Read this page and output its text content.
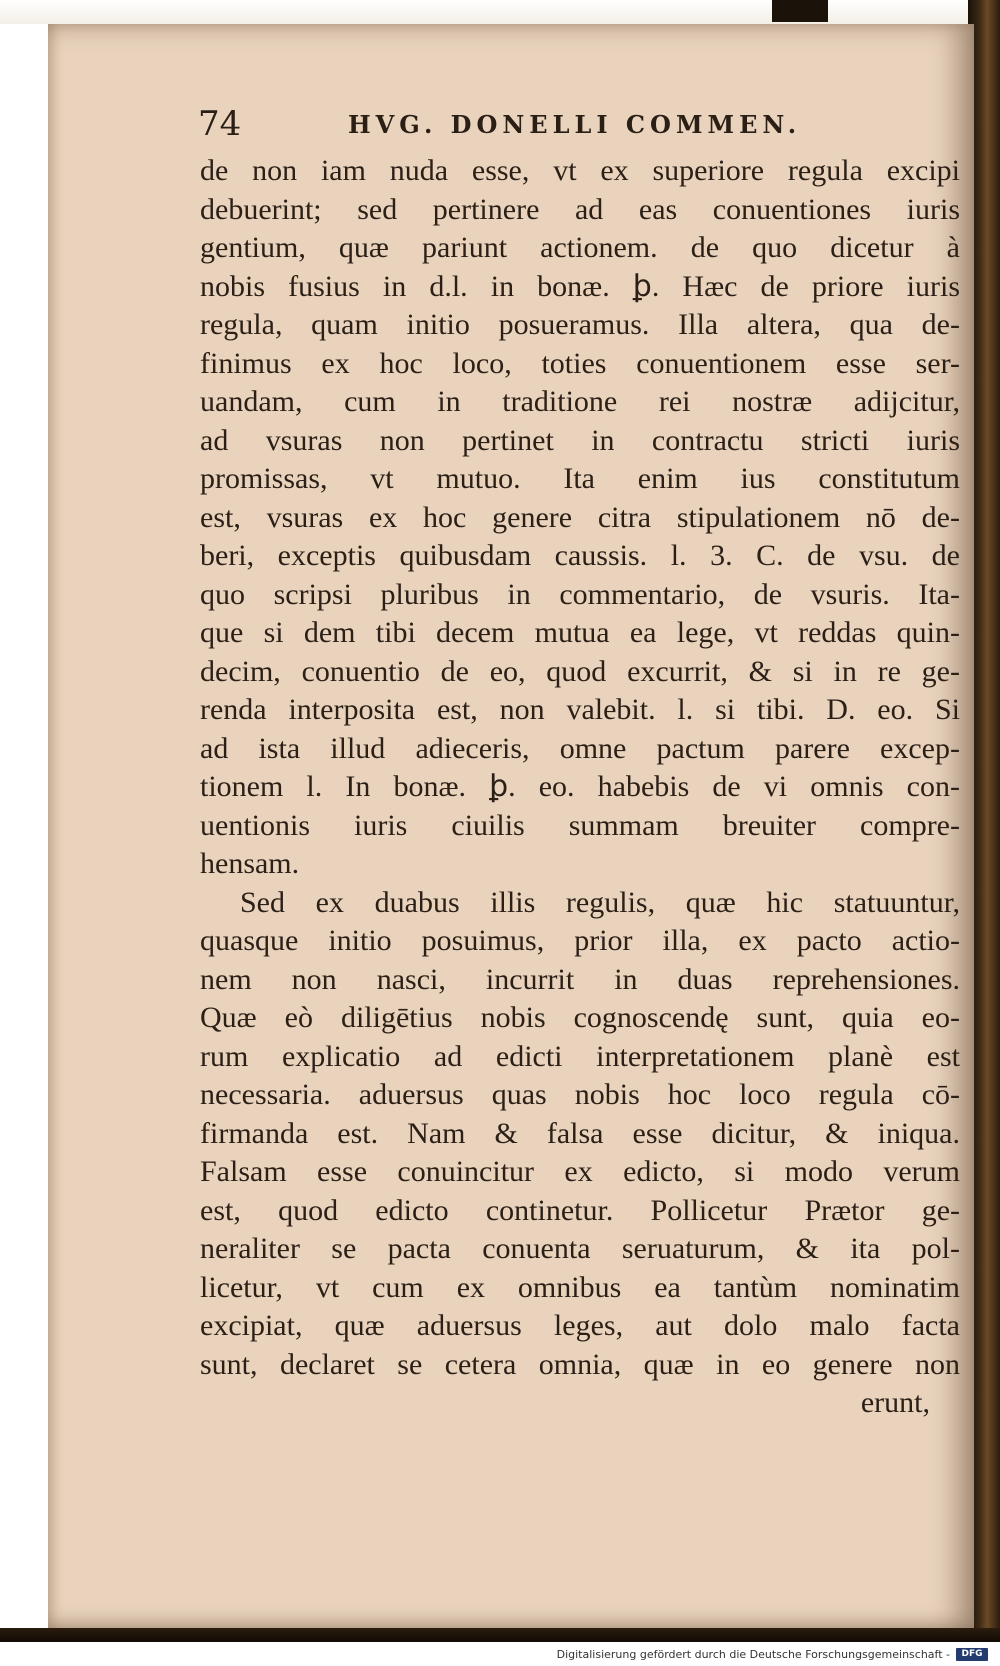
74	HVG. DONELLI COMMEN.
de non iam nuda esse, vt ex superiore regula excipi
debuerint; sed pertinere ad eas conuentiones iuris
gentium, quæ pariunt actionem. de quo dicetur à
nobis fusius in d.l. in bonæ. ꝧ. Hæc de priore iuris
regula, quam initio posueramus. Illa altera, qua de-
finimus ex hoc loco, toties conuentionem esse ser-
uandam, cum in traditione rei nostræ adijcitur,
ad vsuras non pertinet in contractu stricti iuris
promissas, vt mutuo. Ita enim ius constitutum
est, vsuras ex hoc genere citra stipulationem nō de-
beri, exceptis quibusdam caussis. l. 3. C. de vsu. de
quo scripsi pluribus in commentario, de vsuris. Ita-
que si dem tibi decem mutua ea lege, vt reddas quin-
decim, conuentio de eo, quod excurrit, & si in re ge-
renda interposita est, non valebit. l. si tibi. D. eo. Si
ad ista illud adieceris, omne pactum parere excep-
tionem l. In bonæ. ꝧ. eo. habebis de vi omnis con-
uentionis iuris ciuilis summam breuiter compre-
hensam.
Sed ex duabus illis regulis, quæ hic statuuntur,
quasque initio posuimus, prior illa, ex pacto actio-
nem non nasci, incurrit in duas reprehensiones.
Quæ eò diligētius nobis cognoscendę sunt, quia eo-
rum explicatio ad edicti interpretationem planè est
necessaria. aduersus quas nobis hoc loco regula cō-
firmanda est. Nam & falsa esse dicitur, & iniqua.
Falsam esse conuincitur ex edicto, si modo verum
est, quod edicto continetur. Pollicetur Prætor ge-
neraliter se pacta conuenta seruaturum, & ita pol-
licetur, vt cum ex omnibus ea tantùm nominatim
excipiat, quæ aduersus leges, aut dolo malo facta
sunt, declaret se cetera omnia, quæ in eo genere non
erunt,
Digitalisierung gefördert durch die Deutsche Forschungsgemeinschaft -	DFG
